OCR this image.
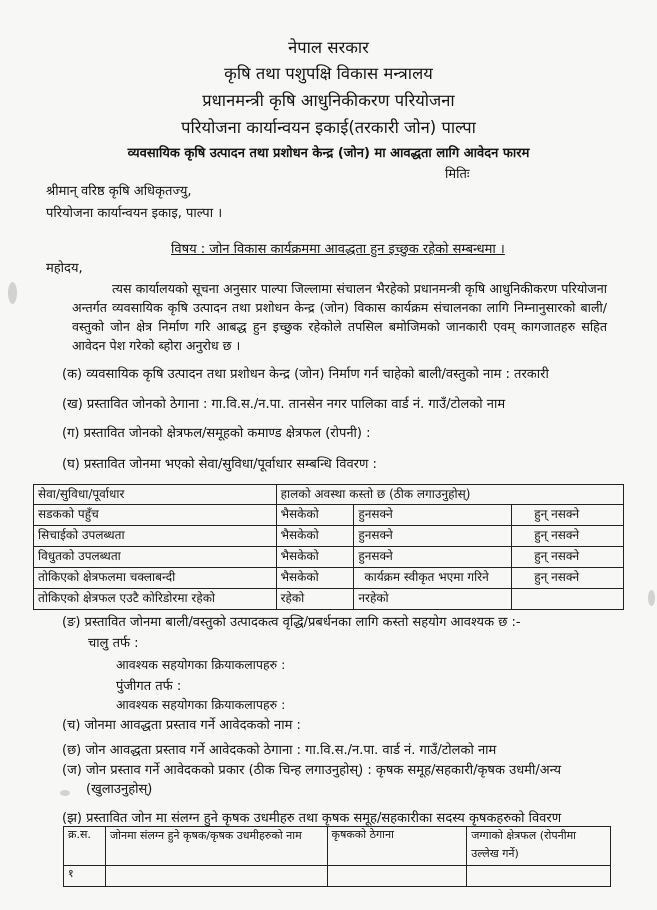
नेपाल सरकार
कृषि तथा पशुपक्षि विकास मन्त्रालय
प्रधानमन्त्री कृषि आधुनिकीकरण परियोजना
परियोजना कार्यान्वयन इकाई(तरकारी जोन) पाल्पा
व्यवसायिक कृषि उत्पादन तथा प्रशोधन केन्द्र (जोन) मा आवद्धता लागि आवेदन फारम
मितिः
श्रीमान् वरिष्ठ कृषि अधिकृतज्यु,
परियोजना कार्यान्वयन इकाइ, पाल्पा ।
विषय : जोन विकास कार्यक्रममा आवद्धता हुन इच्छुक रहेको सम्बन्धमा ।
महोदय,
त्यस कार्यालयको सूचना अनुसार पाल्पा जिल्लामा संचालन भैरहेको प्रधानमन्त्री कृषि आधुनिकीकरण परियोजना अन्तर्गत व्यवसायिक कृषि उत्पादन तथा प्रशोधन केन्द्र (जोन) विकास कार्यक्रम संचालनका लागि निम्नानुसारको बाली/वस्तुको जोन क्षेत्र निर्माण गरि आबद्ध हुन इच्छुक रहेकोले तपसिल बमोजिमको जानकारी एवम् कागजातहरु सहित आवेदन पेश गरेको ब्होरा अनुरोध छ ।
(क) व्यवसायिक कृषि उत्पादन तथा प्रशोधन केन्द्र (जोन) निर्माण गर्न चाहेको बाली/वस्तुको नाम : तरकारी
(ख) प्रस्तावित जोनको ठेगाना : गा.वि.स./न.पा. तानसेन नगर पालिका वार्ड नं. गाउँ/टोलको नाम
(ग) प्रस्तावित जोनको क्षेत्रफल/समूहको कमाण्ड क्षेत्रफल (रोपनी) :
(घ) प्रस्तावित जोनमा भएको सेवा/सुविधा/पूर्वाधार सम्बन्धि विवरण :
सेवा/सुविधा/पूर्वाधार	हालको अवस्था कस्तो छ (ठीक लगाउनुहोस्)		
सडकको पहुँच	भैसकेको	हुनसक्ने	हुन् नसक्ने
सिचाईको उपलब्धता	भैसकेको	हुनसक्ने	हुन् नसक्ने
विधुतको उपलब्धता	भैसकेको	हुनसक्ने	हुन् नसक्ने
तोकिएको क्षेत्रफलमा चक्लाबन्दी	भैसकेको	कार्यक्रम स्वीकृत भएमा गरिने	हुन् नसक्ने
तोकिएको क्षेत्रफल एउटै कोरिडोरमा रहेको	रहेको	नरहेको	
(ङ) प्रस्तावित जोनमा बाली/वस्तुको उत्पादकत्व वृद्धि/प्रबर्धनका लागि कस्तो सहयोग आवश्यक छ :-
चालु तर्फ :
आवश्यक सहयोगका क्रियाकलापहरु :
पुंजीगत तर्फ :
आवश्यक सहयोगका क्रियाकलापहरु :
(च) जोनमा आवद्धता प्रस्ताव गर्ने आवेदकको नाम :
(छ) जोन आवद्धता प्रस्ताव गर्ने आवेदकको ठेगाना : गा.वि.स./न.पा. वार्ड नं. गाउँ/टोलको नाम
(ज) जोन प्रस्ताव गर्ने आवेदकको प्रकार (ठीक चिन्ह लगाउनुहोस्) : कृषक समूह/सहकारी/कृषक उधमी/अन्य
(खुलाउनुहोस्)
(झ) प्रस्तावित जोन मा संलग्न हुने कृषक उधमीहरु तथा कृषक समूह/सहकारीका सदस्य कृषकहरुको विवरण
क्र.स.	जोनमा संलग्न हुने कृषक/कृषक उधमीहरुको नाम	कृषकको ठेगाना	जग्गाको क्षेत्रफल (रोपनीमा उल्लेख गर्ने)
१			
